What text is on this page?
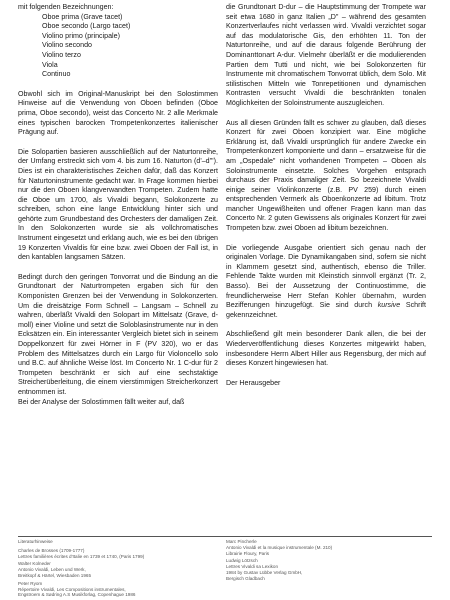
mit folgenden Bezeichnungen:
Oboe prima (Grave tacet)
Oboe secondo (Largo tacet)
Violino primo (principale)
Violino secondo
Violino terzo
Viola
Continuo

Obwohl sich im Original-Manuskript bei den Solostimmen Hinweise auf die Verwendung von Oboen befinden (Oboe prima, Oboe secondo), weist das Concerto Nr. 2 alle Merkmale eines typischen barocken Trompetenkonzertes italienischer Prägung auf.

Die Solopartien basieren ausschließlich auf der Naturtonreihe, der Umfang erstreckt sich vom 4. bis zum 16. Naturton (d'–d'''). Dies ist ein charakteristisches Zeichen dafür, daß das Konzert für Naturtoninstrumente gedacht war. In Frage kommen hierbei nur die den Oboen klangverwandten Trompeten. Zudem hatte die Oboe um 1700, als Vivaldi begann, Solokonzerte zu schreiben, schon eine lange Entwicklung hinter sich und gehörte zum Grundbestand des Orchesters der damaligen Zeit. In den Solokonzerten wurde sie als vollchromatisches Instrument eingesetzt und erklang auch, wie es bei den übrigen 19 Konzerten Vivaldis für eine bzw. zwei Oboen der Fall ist, in den kantablen langsamen Sätzen.

Bedingt durch den geringen Tonvorrat und die Bindung an die Grundtonart der Naturtrompeten ergaben sich für den Komponisten Grenzen bei der Verwendung in Solokonzerten. Um die dreisätzige Form Schnell – Langsam – Schnell zu wahren, überläßt Vivaldi den Solopart im Mittelsatz (Grave, d-moll) einer Violine und setzt die Soloblasinstrumente nur in den Ecksätzen ein. Ein interessanter Vergleich bietet sich in seinem Doppelkonzert für zwei Hörner in F (PV 320), wo er das Problem des Mittelsatzes durch ein Largo für Violoncello solo und B.C. auf ähnliche Weise löst. Im Concerto Nr. 1 C-dur für 2 Trompeten beschränkt er sich auf eine sechstaktige Streicherüberleitung, die einem vierstimmigen Streicherkonzert entnommen ist.

Bei der Analyse der Solostimmen fällt weiter auf, daß

die Grundtonart D-dur – die Hauptstimmung der Trompete war seit etwa 1680 in ganz Italien „D" – während des gesamten Konzertverlaufes nicht verlassen wird. Vivaldi verzichtet sogar auf das modulatorische Gis, den erhöhten 11. Ton der Naturtonreihe, und auf die daraus folgende Berührung der Dominanttonart A-dur. Vielmehr überläßt er die modulierenden Partien dem Tutti und nicht, wie bei Solokonzerten für Instrumente mit chromatischem Tonvorrat üblich, dem Solo. Mit stilistischen Mitteln wie Tonrepetitionen und dynamischen Kontrasten versucht Vivaldi die beschränkten tonalen Möglichkeiten der Soloinstrumente auszugleichen.

Aus all diesen Gründen fällt es schwer zu glauben, daß dieses Konzert für zwei Oboen konzipiert war. Eine mögliche Erklärung ist, daß Vivaldi ursprünglich für andere Zwecke ein Trompetenkonzert komponierte und dann – ersatzweise für die am „Ospedale" nicht vorhandenen Trompeten – Oboen als Soloinstrumente einsetzte. Solches Vorgehen entsprach durchaus der Praxis damaliger Zeit. So bezeichnete Vivaldi einige seiner Violinkonzerte (z.B. PV 259) durch einen entsprechenden Vermerk als Oboenkonzerte ad libitum. Trotz mancher Ungewißheiten und offener Fragen kann man das Concerto Nr. 2 guten Gewissens als originales Konzert für zwei Trompeten bzw. zwei Oboen ad libitum bezeichnen.

Die vorliegende Ausgabe orientiert sich genau nach der originalen Vorlage. Die Dynamikangaben sind, sofern sie nicht in Klammern gesetzt sind, authentisch, ebenso die Triller. Fehlende Takte wurden mit Kleinstich sinnvoll ergänzt (Tr. 2, Basso). Bei der Aussetzung der Continuostimme, die freundlicherweise Herr Stefan Kohler übernahm, wurden Bezifferungen hinzugefügt. Sie sind durch kursive Schrift gekennzeichnet.

Abschließend gilt mein besonderer Dank allen, die bei der Wiederveröffentlichung dieses Konzertes mitgewirkt haben, insbesondere Herrn Albert Hiller aus Regensburg, der mich auf dieses Konzert hingewiesen hat.

Der Herausgeber

Literaturhinweise
Charles de Brosses (1709-1777)
Lettres familières écrites d'Italie en 1739 et 1740, (Paris 1799)
Walter Kolneder
Antonio Vivaldi, Leben und Werk,
Breitkopf & Härtel, Wiesbaden 1965
Peter Ryom
Répertoire Vivaldi, Les Compositions instrumentales,
Engstroem & Sødring A.S Musikforlag, Copenhague 1986
Marc Pincherle
Antonio Vivaldi et la musique instrumentale (M. 210)
Librairie Floury, Paris
Ludwig Lötzsch
Lettres Vivaldi sa Lexikon
1984 by Gustav Lübbe Verlag GmbH,
Bergisch Gladbach
